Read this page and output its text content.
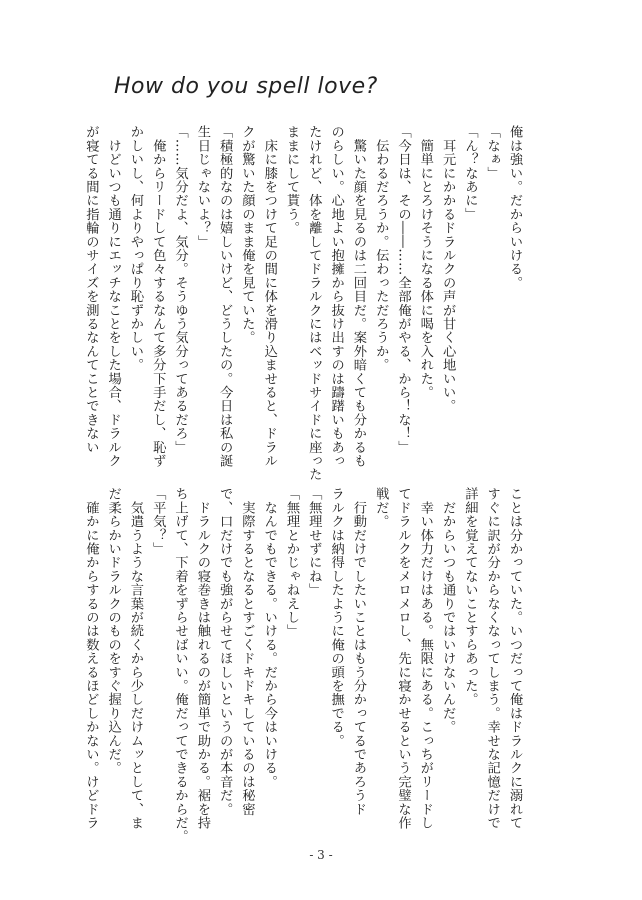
How do you spell love?
俺は強い。だからいける。
「なぁ」
「ん？なあに」
　耳元にかかるドラルクの声が甘く心地いい。
　簡単にとろけそうになる体に喝を入れた。
「今日は、その――……全部俺がやる、から！な！」
　伝わるだろうか。伝わっただろうか。
　驚いた顔を見るのは二回目だ。案外暗くても分かるも
のらしい。心地よい抱擁から抜け出すのは躊躇いもあっ
たけれど、体を離してドラルクにはベッドサイドに座った
ままにして貰う。
　床に膝をつけて足の間に体を滑り込ませると、ドラル
クが驚いた顔のまま俺を見ていた。
「積極的なのは嬉しいけど、どうしたの。今日は私の誕
生日じゃないよ？」
「……気分だよ、気分。そうゆう気分ってあるだろ」
　俺からリードして色々するなんて多分下手だし、恥ず
かしいし、何よりやっぱり恥ずかしい。
　けどいつも通りにエッチなことをした場合、ドラルク
が寝てる間に指輪のサイズを測るなんてことできない
ことは分かっていた。いつだって俺はドラルクに溺れて
すぐに訳が分からなくなってしまう。幸せな記憶だけで
詳細を覚えてないことすらあった。
　だからいつも通りではいけないんだ。
　幸い体力だけはある。無限にある。こっちがリードし
てドラルクをメロメロし、先に寝かせるという完璧な作
戦だ。
　行動だけでしたいことはもう分かってるであろうド
ラルクは納得したように俺の頭を撫でる。
「無理せずにね」
「無理とかじゃねえし」
　なんでもできる。いける。だから今はいける。
　実際するとなるとすごくドキドキしているのは秘密
で、口だけでも強がらせてほしいというのが本音だ。
　ドラルクの寝巻きは触れるのが簡単で助かる。裾を持
ち上げて、下着をずらせばいい。俺だってできるからだ。
「平気？」
　気遣うような言葉が続くから少しだけムッとして、ま
だ柔らかいドラルクのものをすぐ握り込んだ。
　確かに俺からするのは数えるほどしかない。けどドラ
- 3 -
